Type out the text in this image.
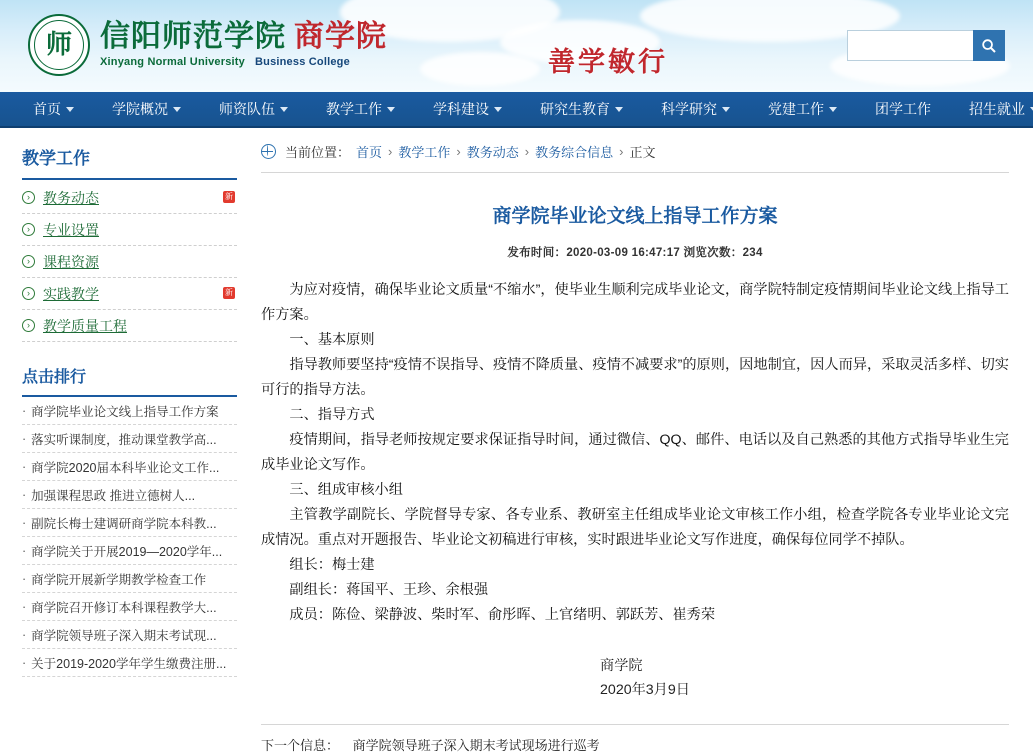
师 信阳师范学院 商学院
Xinyang Normal University Business College	善学敏行
首页	学院概况	师资队伍	教学工作	学科建设	研究生教育	科学研究	党建工作	团学工作	招生就业
教学工作
› 教务动态	新
› 专业设置
› 课程资源
› 实践教学	新
› 教学质量工程
点击排行
· 商学院毕业论文线上指导工作方案
· 落实听课制度，推动课堂教学高...
· 商学院2020届本科毕业论文工作...
· 加强课程思政 推进立德树人...
· 副院长梅士建调研商学院本科教...
· 商学院关于开展2019—2020学年...
· 商学院开展新学期教学检查工作
· 商学院召开修订本科课程教学大...
· 商学院领导班子深入期末考试现...
· 关于2019-2020学年学生缴费注册...
当前位置： 首页 › 教学工作 › 教务动态 › 教务综合信息 › 正文
商学院毕业论文线上指导工作方案
发布时间：2020-03-09 16:47:17 浏览次数：234

为应对疫情，确保毕业论文质量“不缩水”，使毕业生顺利完成毕业论文，商学院特制定疫情期间毕业论文线上指导工作方案。

一、基本原则

指导教师要坚持“疫情不误指导、疫情不降质量、疫情不减要求”的原则，因地制宜，因人而异，采取灵活多样、切实可行的指导方法。

二、指导方式

疫情期间，指导老师按规定要求保证指导时间，通过微信、QQ、邮件、电话以及自己熟悉的其他方式指导毕业生完成毕业论文写作。

三、组成审核小组

主管教学副院长、学院督导专家、各专业系、教研室主任组成毕业论文审核工作小组，检查学院各专业毕业论文完成情况。重点对开题报告、毕业论文初稿进行审核，实时跟进毕业论文写作进度，确保每位同学不掉队。

组长：梅士建

副组长：蒋国平、王珍、余根强

成员：陈俭、梁静波、柴时军、俞彤晖、上官绪明、郭跃芳、崔秀荣

商学院
2020年3月9日
下一个信息： 商学院领导班子深入期末考试现场进行巡考
